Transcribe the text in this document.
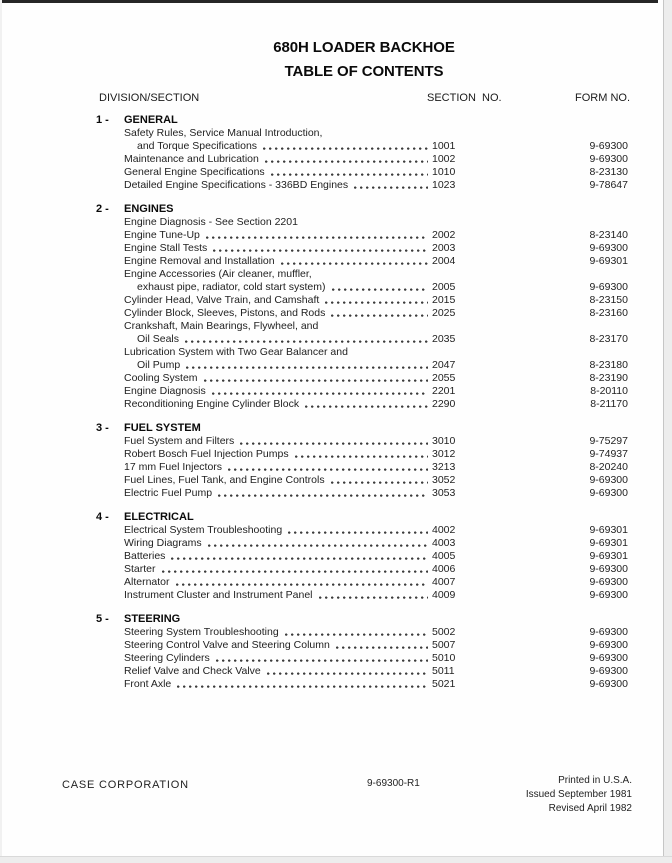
680H LOADER BACKHOE
TABLE OF CONTENTS
DIVISION/SECTION	SECTION  NO.	FORM NO.
1 -	GENERAL
Safety Rules, Service Manual Introduction,
and Torque Specifications	1001	9-69300
Maintenance and Lubrication	1002	9-69300
General Engine Specifications	1010	8-23130
Detailed Engine Specifications - 336BD Engines	1023	9-78647
2 -	ENGINES
Engine Diagnosis - See Section 2201
Engine Tune-Up	2002	8-23140
Engine Stall Tests	2003	9-69300
Engine Removal and Installation	2004	9-69301
Engine Accessories (Air cleaner, muffler,
exhaust pipe, radiator, cold start system)	2005	9-69300
Cylinder Head, Valve Train, and Camshaft	2015	8-23150
Cylinder Block, Sleeves, Pistons, and Rods	2025	8-23160
Crankshaft, Main Bearings, Flywheel, and
Oil Seals	2035	8-23170
Lubrication System with Two Gear Balancer and
Oil Pump	2047	8-23180
Cooling System	2055	8-23190
Engine Diagnosis	2201	8-20110
Reconditioning Engine Cylinder Block	2290	8-21170
3 -	FUEL SYSTEM
Fuel System and Filters	3010	9-75297
Robert Bosch Fuel Injection Pumps	3012	9-74937
17 mm Fuel Injectors	3213	8-20240
Fuel Lines, Fuel Tank, and Engine Controls	3052	9-69300
Electric Fuel Pump	3053	9-69300
4 -	ELECTRICAL
Electrical System Troubleshooting	4002	9-69301
Wiring Diagrams	4003	9-69301
Batteries	4005	9-69301
Starter	4006	9-69300
Alternator	4007	9-69300
Instrument Cluster and Instrument Panel	4009	9-69300
5 -	STEERING
Steering System Troubleshooting	5002	9-69300
Steering Control Valve and Steering Column	5007	9-69300
Steering Cylinders	5010	9-69300
Relief Valve and Check Valve	5011	9-69300
Front Axle	5021	9-69300
CASE CORPORATION	9-69300-R1	Printed in U.S.A.
Issued September 1981
Revised April 1982
